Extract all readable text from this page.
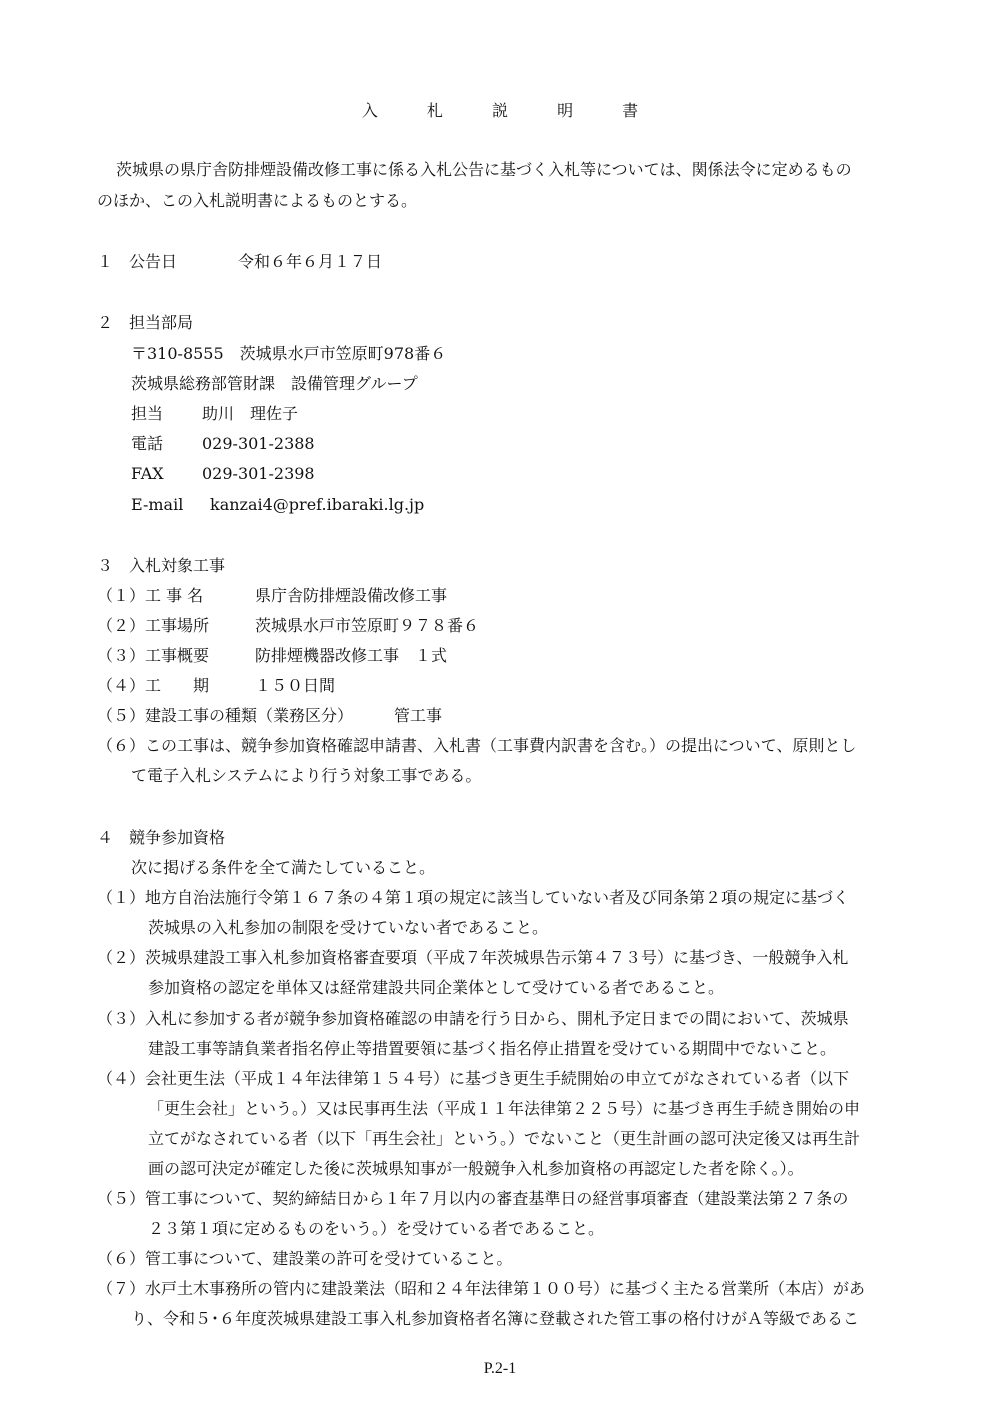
入 札 説 明 書
茨城県の県庁舎防排煙設備改修工事に係る入札公告に基づく入札等については、関係法令に定めるもの
のほか、この入札説明書によるものとする。
１　公告日	令和６年６月１７日
２　担当部局
〒310-8555　茨城県水戸市笠原町978番６
茨城県総務部管財課　設備管理グループ
担当 助川　理佐子
電話 029-301-2388
FAX 029-301-2398
E-mail kanzai4@pref.ibaraki.lg.jp
３　入札対象工事
（１）工 事 名	県庁舎防排煙設備改修工事
（２）工事場所	茨城県水戸市笠原町９７８番６
（３）工事概要	防排煙機器改修工事　１式
（４）工　　期	１５０日間
（５）建設工事の種類（業務区分）	管工事
（６）この工事は、競争参加資格確認申請書、入札書（工事費内訳書を含む。）の提出について、原則とし
て電子入札システムにより行う対象工事である。
４　競争参加資格
次に掲げる条件を全て満たしていること。
（１）地方自治法施行令第１６７条の４第１項の規定に該当していない者及び同条第２項の規定に基づく
茨城県の入札参加の制限を受けていない者であること。
（２）茨城県建設工事入札参加資格審査要項（平成７年茨城県告示第４７３号）に基づき、一般競争入札
参加資格の認定を単体又は経常建設共同企業体として受けている者であること。
（３）入札に参加する者が競争参加資格確認の申請を行う日から、開札予定日までの間において、茨城県
建設工事等請負業者指名停止等措置要領に基づく指名停止措置を受けている期間中でないこと。
（４）会社更生法（平成１４年法律第１５４号）に基づき更生手続開始の申立てがなされている者（以下
「更生会社」という。）又は民事再生法（平成１１年法律第２２５号）に基づき再生手続き開始の申
立てがなされている者（以下「再生会社」という。）でないこと（更生計画の認可決定後又は再生計
画の認可決定が確定した後に茨城県知事が一般競争入札参加資格の再認定した者を除く。）。
（５）管工事について、契約締結日から１年７月以内の審査基準日の経営事項審査（建設業法第２７条の
２３第１項に定めるものをいう。）を受けている者であること。
（６）管工事について、建設業の許可を受けていること。
（７）水戸土木事務所の管内に建設業法（昭和２４年法律第１００号）に基づく主たる営業所（本店）があ
り、令和５･６年度茨城県建設工事入札参加資格者名簿に登載された管工事の格付けがＡ等級であるこ
P.2-1
